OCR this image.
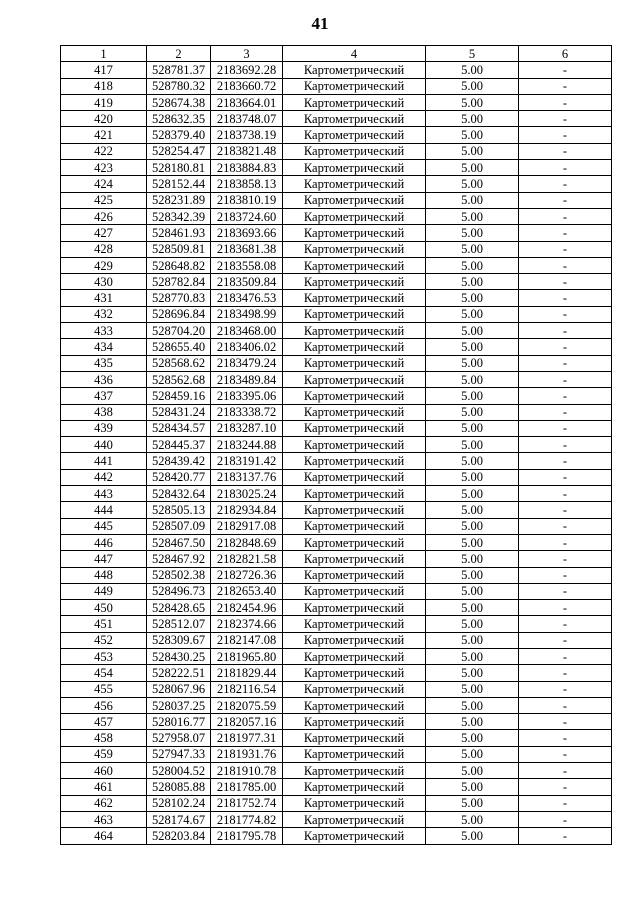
41
1	2	3	4	5	6
417	528781.37	2183692.28	Картометрический	5.00	-
418	528780.32	2183660.72	Картометрический	5.00	-
419	528674.38	2183664.01	Картометрический	5.00	-
420	528632.35	2183748.07	Картометрический	5.00	-
421	528379.40	2183738.19	Картометрический	5.00	-
422	528254.47	2183821.48	Картометрический	5.00	-
423	528180.81	2183884.83	Картометрический	5.00	-
424	528152.44	2183858.13	Картометрический	5.00	-
425	528231.89	2183810.19	Картометрический	5.00	-
426	528342.39	2183724.60	Картометрический	5.00	-
427	528461.93	2183693.66	Картометрический	5.00	-
428	528509.81	2183681.38	Картометрический	5.00	-
429	528648.82	2183558.08	Картометрический	5.00	-
430	528782.84	2183509.84	Картометрический	5.00	-
431	528770.83	2183476.53	Картометрический	5.00	-
432	528696.84	2183498.99	Картометрический	5.00	-
433	528704.20	2183468.00	Картометрический	5.00	-
434	528655.40	2183406.02	Картометрический	5.00	-
435	528568.62	2183479.24	Картометрический	5.00	-
436	528562.68	2183489.84	Картометрический	5.00	-
437	528459.16	2183395.06	Картометрический	5.00	-
438	528431.24	2183338.72	Картометрический	5.00	-
439	528434.57	2183287.10	Картометрический	5.00	-
440	528445.37	2183244.88	Картометрический	5.00	-
441	528439.42	2183191.42	Картометрический	5.00	-
442	528420.77	2183137.76	Картометрический	5.00	-
443	528432.64	2183025.24	Картометрический	5.00	-
444	528505.13	2182934.84	Картометрический	5.00	-
445	528507.09	2182917.08	Картометрический	5.00	-
446	528467.50	2182848.69	Картометрический	5.00	-
447	528467.92	2182821.58	Картометрический	5.00	-
448	528502.38	2182726.36	Картометрический	5.00	-
449	528496.73	2182653.40	Картометрический	5.00	-
450	528428.65	2182454.96	Картометрический	5.00	-
451	528512.07	2182374.66	Картометрический	5.00	-
452	528309.67	2182147.08	Картометрический	5.00	-
453	528430.25	2181965.80	Картометрический	5.00	-
454	528222.51	2181829.44	Картометрический	5.00	-
455	528067.96	2182116.54	Картометрический	5.00	-
456	528037.25	2182075.59	Картометрический	5.00	-
457	528016.77	2182057.16	Картометрический	5.00	-
458	527958.07	2181977.31	Картометрический	5.00	-
459	527947.33	2181931.76	Картометрический	5.00	-
460	528004.52	2181910.78	Картометрический	5.00	-
461	528085.88	2181785.00	Картометрический	5.00	-
462	528102.24	2181752.74	Картометрический	5.00	-
463	528174.67	2181774.82	Картометрический	5.00	-
464	528203.84	2181795.78	Картометрический	5.00	-
